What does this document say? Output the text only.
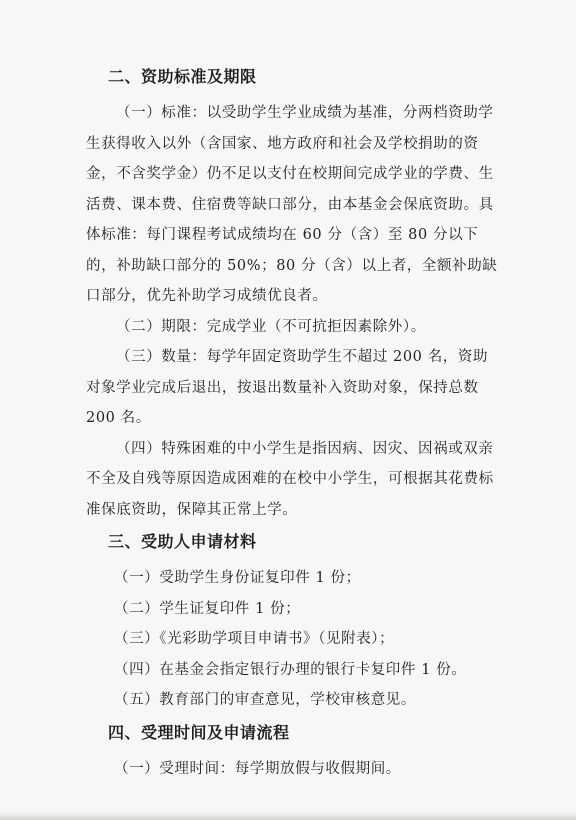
二、资助标准及期限

（一）标准：以受助学生学业成绩为基准，分两档资助学生获得收入以外（含国家、地方政府和社会及学校捐助的资金，不含奖学金）仍不足以支付在校期间完成学业的学费、生活费、课本费、住宿费等缺口部分，由本基金会保底资助。具体标准：每门课程考试成绩均在 60 分（含）至 80 分以下的，补助缺口部分的 50%；80 分（含）以上者，全额补助缺口部分，优先补助学习成绩优良者。

（二）期限：完成学业（不可抗拒因素除外）。

（三）数量：每学年固定资助学生不超过 200 名，资助对象学业完成后退出，按退出数量补入资助对象，保持总数 200 名。

（四）特殊困难的中小学生是指因病、因灾、因祸或双亲不全及自残等原因造成困难的在校中小学生，可根据其花费标准保底资助，保障其正常上学。

三、受助人申请材料

（一）受助学生身份证复印件 1 份；

（二）学生证复印件 1 份；

（三）《光彩助学项目申请书》（见附表）；

（四）在基金会指定银行办理的银行卡复印件 1 份。

（五）教育部门的审查意见，学校审核意见。

四、受理时间及申请流程

（一）受理时间：每学期放假与收假期间。
